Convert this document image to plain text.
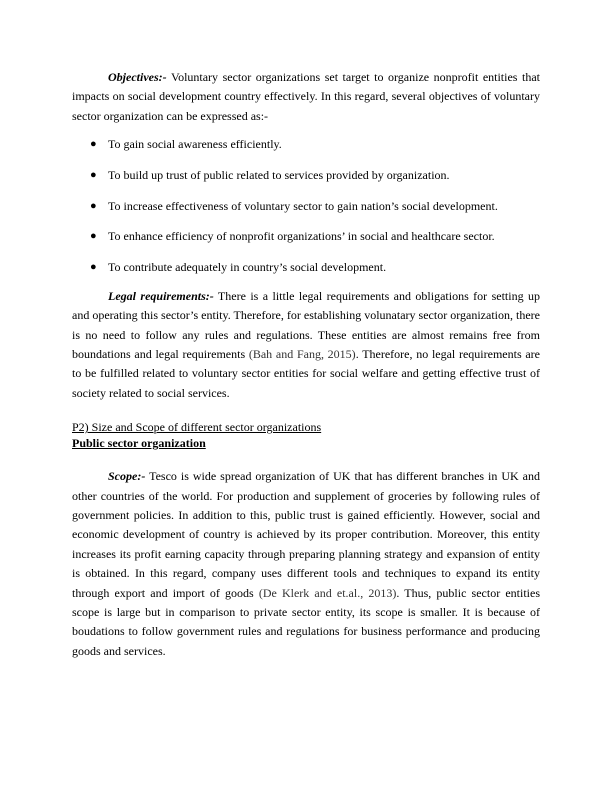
Objectives:- Voluntary sector organizations set target to organize nonprofit entities that impacts on social development country effectively. In this regard, several objectives of voluntary sector organization can be expressed as:-

● To gain social awareness efficiently.
● To build up trust of public related to services provided by organization.
● To increase effectiveness of voluntary sector to gain nation’s social development.
● To enhance efficiency of nonprofit organizations’ in social and healthcare sector.
● To contribute adequately in country’s social development.

Legal requirements:- There is a little legal requirements and obligations for setting up and operating this sector’s entity. Therefore, for establishing volunatary sector organization, there is no need to follow any rules and regulations. These entities are almost remains free from boundations and legal requirements (Bah and Fang, 2015). Therefore, no legal requirements are to be fulfilled related to voluntary sector entities for social welfare and getting effective trust of society related to social services.

P2) Size and Scope of different sector organizations

Public sector organization

Scope:- Tesco is wide spread organization of UK that has different branches in UK and other countries of the world. For production and supplement of groceries by following rules of government policies. In addition to this, public trust is gained efficiently. However, social and economic development of country is achieved by its proper contribution. Moreover, this entity increases its profit earning capacity through preparing planning strategy and expansion of entity is obtained. In this regard, company uses different tools and techniques to expand its entity through export and import of goods (De Klerk and et.al., 2013). Thus, public sector entities scope is large but in comparison to private sector entity, its scope is smaller. It is because of boudations to follow government rules and regulations for business performance and producing goods and services.
